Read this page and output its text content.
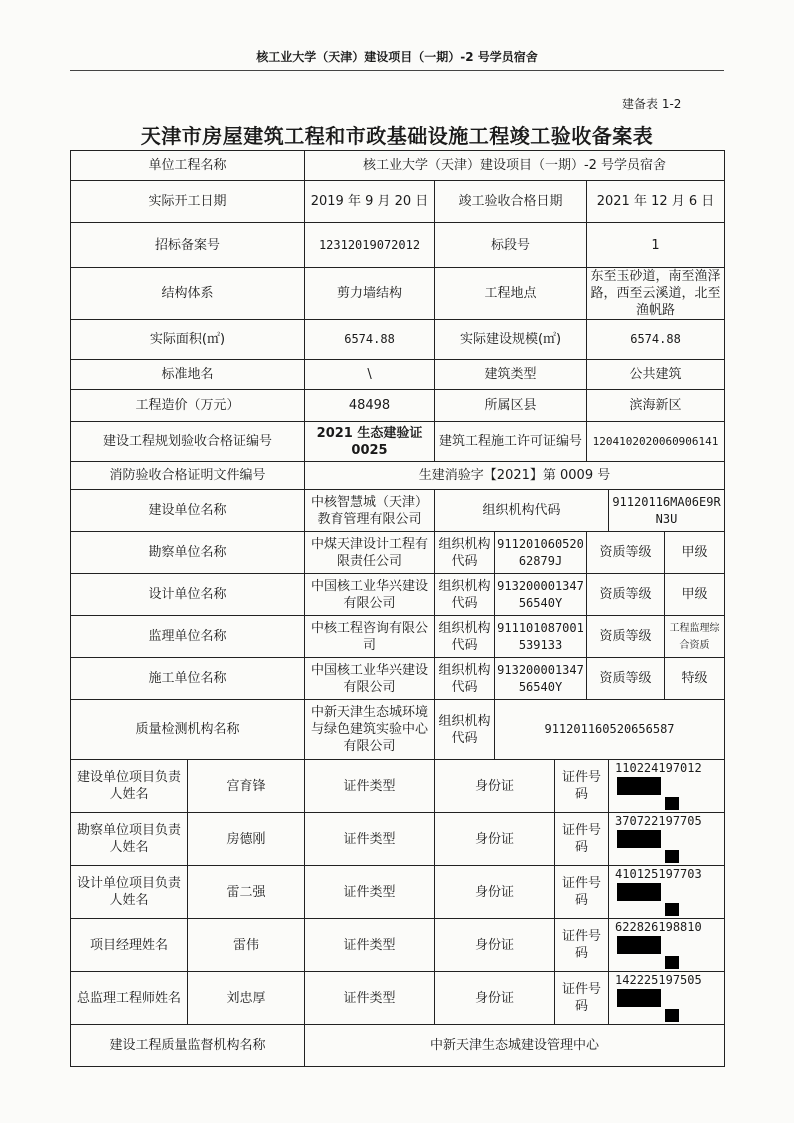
核工业大学（天津）建设项目（一期）-2 号学员宿舍
建备表 1-2
天津市房屋建筑工程和市政基础设施工程竣工验收备案表
单位工程名称		核工业大学（天津）建设项目（一期）-2 号学员宿舍						
实际开工日期		2019 年 9 月 20 日	竣工验收合格日期			2021 年 12 月 6 日		
招标备案号		12312019072012	标段号			1		
结构体系		剪力墙结构	工程地点			东至玉砂道，南至渔泽路，西至云溪道，北至渔帆路		
实际面积(㎡)		6574.88	实际建设规模(㎡)			6574.88		
标准地名		\	建筑类型			公共建筑		
工程造价（万元）		48498	所属区县			滨海新区		
建设工程规划验收合格证编号		2021 生态建验证 0025	建筑工程施工许可证编号			120410202006090614​1		
消防验收合格证明文件编号		生建消验字【2021】第 0009 号						
建设单位名称		中核智慧城（天津）教育管理有限公司	组织机构代码				91120116MA06E9RN3U	
勘察单位名称		中煤天津设计工程有限责任公司	组织机构代码	91120106052062879J		资质等级		甲级
设计单位名称		中国核工业华兴建设有限公司	组织机构代码	91320000134756540Y		资质等级		甲级
监理单位名称		中核工程咨询有限公司	组织机构代码	911101087001539133		资质等级		工程监理综合资质
施工单位名称		中国核工业华兴建设有限公司	组织机构代码	91320000134756540Y		资质等级		特级
质量检测机构名称		中新天津生态城环境与绿色建筑实验中心有限公司	组织机构代码	911201160520656587				
建设单位项目负责人姓名	宫育锋	证件类型	身份证		证件号码		110224197012	

勘察单位项目负责人姓名	房德刚	证件类型	身份证		证件号码		370722197705	

设计单位项目负责人姓名	雷二强	证件类型	身份证		证件号码		410125197703	

项目经理姓名	雷伟	证件类型	身份证		证件号码		622826198810	

总监理工程师姓名	刘忠厚	证件类型	身份证		证件号码		142225197505	

建设工程质量监督机构名称		中新天津生态城建设管理中心						
